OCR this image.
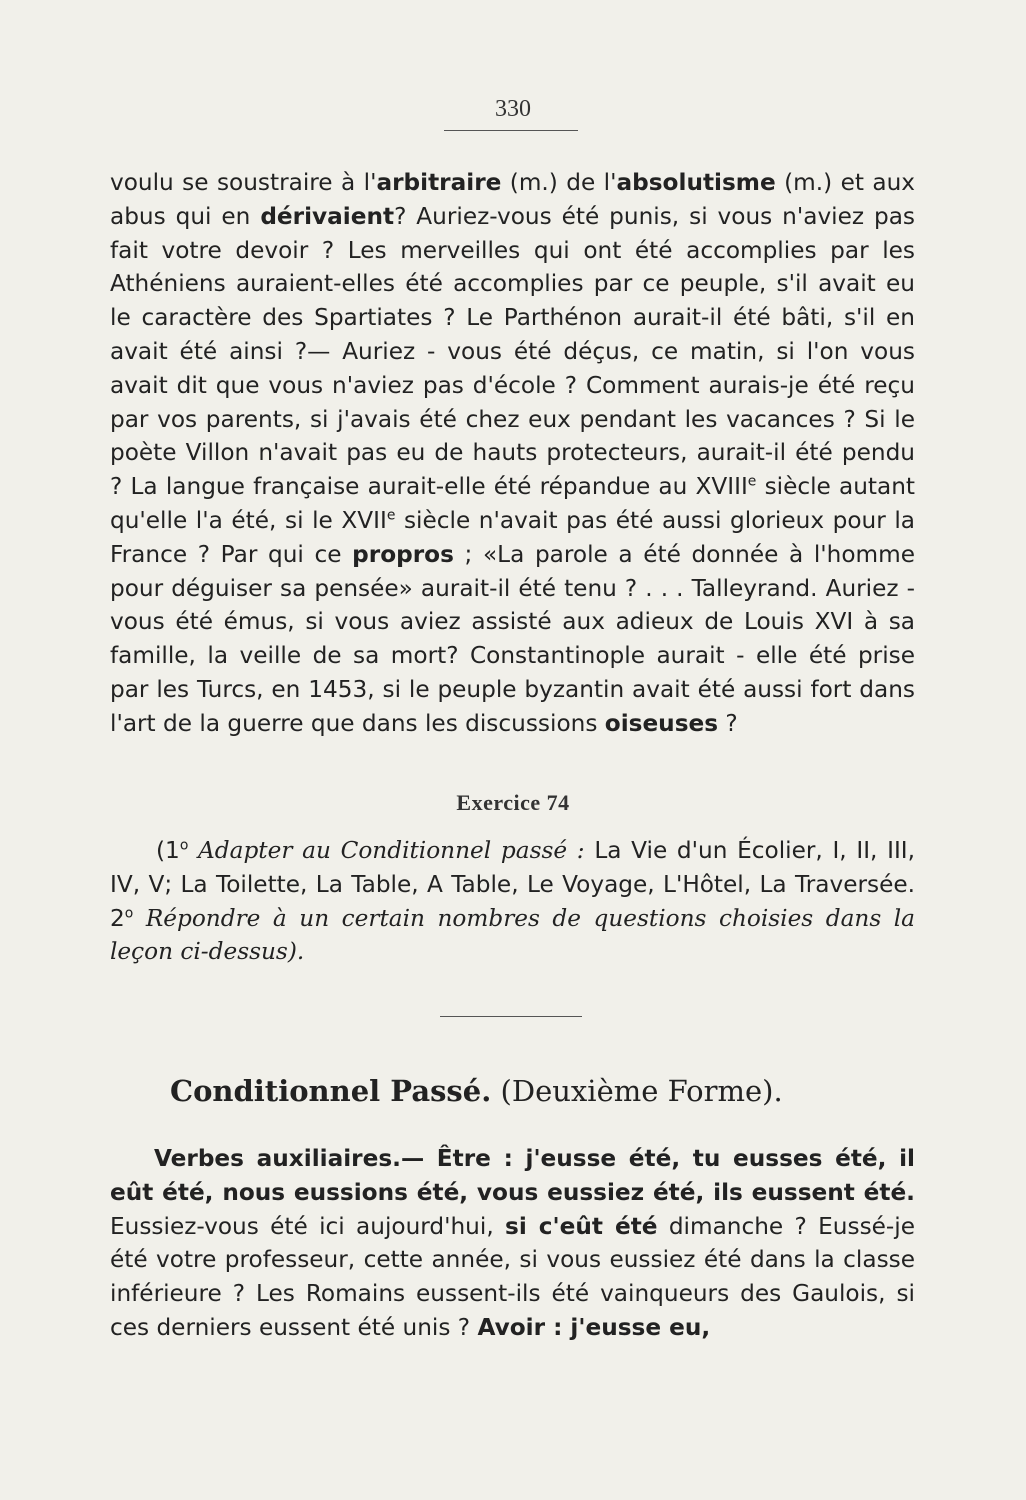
330

voulu se soustraire à l'arbitraire (m.) de l'absolutisme (m.) et aux abus qui en dérivaient? Auriez-vous été punis, si vous n'aviez pas fait votre devoir ? Les merveilles qui ont été accomplies par les Athéniens auraient-elles été accomplies par ce peuple, s'il avait eu le caractère des Spartiates ? Le Parthénon aurait-il été bâti, s'il en avait été ainsi ?— Auriez - vous été déçus, ce matin, si l'on vous avait dit que vous n'aviez pas d'école ? Comment aurais-je été reçu par vos parents, si j'avais été chez eux pendant les vacances ? Si le poète Villon n'avait pas eu de hauts protecteurs, aurait-il été pendu ? La langue française aurait-elle été répandue au XVIIIe siècle autant qu'elle l'a été, si le XVIIe siècle n'avait pas été aussi glorieux pour la France ? Par qui ce propros ; «La parole a été donnée à l'homme pour déguiser sa pensée» aurait-il été tenu ? . . . Talleyrand. Auriez - vous été émus, si vous aviez assisté aux adieux de Louis XVI à sa famille, la veille de sa mort? Constantinople aurait - elle été prise par les Turcs, en 1453, si le peuple byzantin avait été aussi fort dans l'art de la guerre que dans les discussions oiseuses ?

Exercice 74

(1$^o$ Adapter au Conditionnel passé : La Vie d'un Écolier, I, II, III, IV, V; La Toilette, La Table, A Table, Le Voyage, L'Hôtel, La Traversée. 2$^o$ Répondre à un certain nombres de questions choisies dans la leçon ci-dessus).

Conditionnel Passé. (Deuxième Forme).

Verbes auxiliaires.— Être : j'eusse été, tu eusses été, il eût été, nous eussions été, vous eussiez été, ils eussent été. Eussiez-vous été ici aujourd'hui, si c'eût été dimanche ? Eussé-je été votre professeur, cette année, si vous eussiez été dans la classe inférieure ? Les Romains eussent-ils été vainqueurs des Gaulois, si ces derniers eussent été unis ? Avoir : j'eusse eu,
